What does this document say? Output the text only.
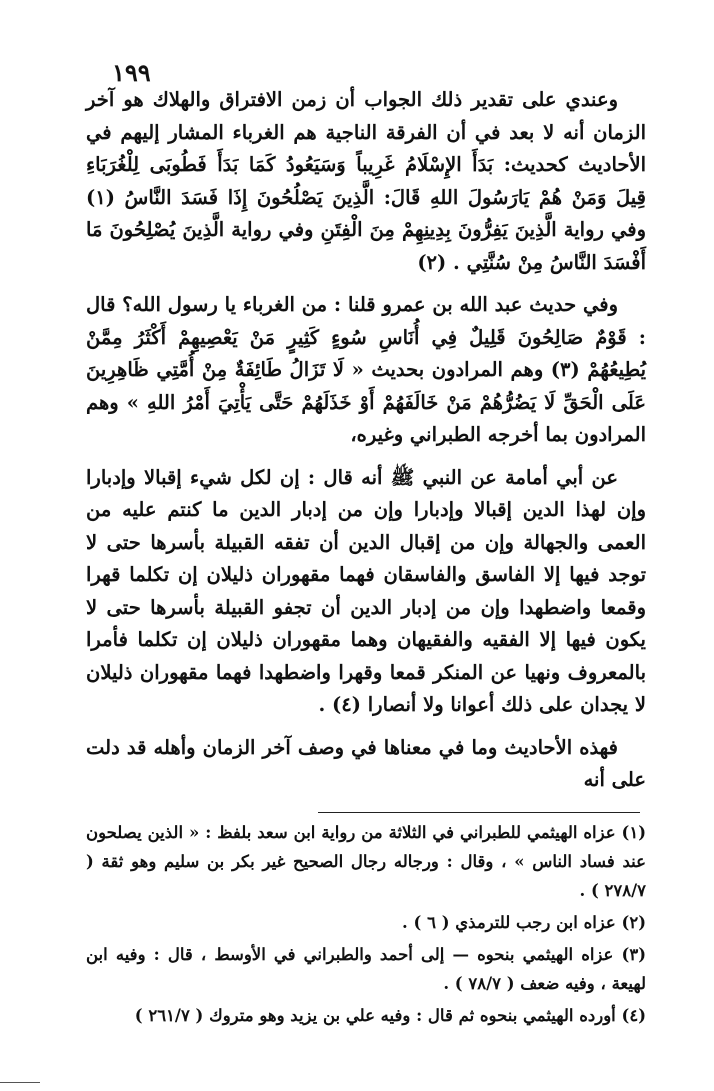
١٩٩

وعندي على تقدير ذلك الجواب أن زمن الافتراق والهلاك هو آخر الزمان أنه لا بعد في أن الفرقة الناجية هم الغرباء المشار إليهم في الأحاديث كحديث: بَدَأَ الإِسْلَامُ غَرِيباً وَسَيَعُودُ كَمَا بَدَأَ فَطُوبَى لِلْغُرَبَاءِ قِيلَ وَمَنْ هُمْ يَارَسُولَ اللهِ قَالَ: الَّذِينَ يَصْلُحُونَ إِذَا فَسَدَ النَّاسُ (١) وفي رواية الَّذِينَ يَفِرُّونَ بِدِينِهِمْ مِنَ الْفِتَنِ وفي رواية الَّذِينَ يُصْلِحُونَ مَا أَفْسَدَ النَّاسُ مِنْ سُنَّتِي . (٢)

وفي حديث عبد الله بن عمرو قلنا : من الغرباء يا رسول الله؟ قال : قَوْمٌ صَالِحُونَ قَلِيلٌ فِي أُنَاسِ سُوءٍ كَثِيرٍ مَنْ يَعْصِيهِمْ أَكْثَرُ مِمَّنْ يُطِيعُهُمْ (٣) وهم المرادون بحديث « لَا تَزَالُ طَائِفَةٌ مِنْ أُمَّتِي ظَاهِرِينَ عَلَى الْحَقِّ لَا يَضُرُّهُمْ مَنْ خَالَفَهُمْ أَوْ خَذَلَهُمْ حَتَّى يَأْتِيَ أَمْرُ اللهِ » وهم المرادون بما أخرجه الطبراني وغيره،

عن أبي أمامة عن النبي ﷺ أنه قال : إن لكل شيء إقبالا وإدبارا وإن لهذا الدين إقبالا وإدبارا وإن من إدبار الدين ما كنتم عليه من العمى والجهالة وإن من إقبال الدين أن تفقه القبيلة بأسرها حتى لا توجد فيها إلا الفاسق والفاسقان فهما مقهوران ذليلان إن تكلما قهرا وقمعا واضطهدا وإن من إدبار الدين أن تجفو القبيلة بأسرها حتى لا يكون فيها إلا الفقيه والفقيهان وهما مقهوران ذليلان إن تكلما فأمرا بالمعروف ونهيا عن المنكر قمعا وقهرا واضطهدا فهما مقهوران ذليلان لا يجدان على ذلك أعوانا ولا أنصارا (٤) .

فهذه الأحاديث وما في معناها في وصف آخر الزمان وأهله قد دلت على أنه

(١) عزاه الهيثمي للطبراني في الثلاثة من رواية ابن سعد بلفظ : « الذين يصلحون عند فساد الناس » ، وقال : ورجاله رجال الصحيح غير بكر بن سليم وهو ثقة ( ٢٧٨/٧ ) .

(٢) عزاه ابن رجب للترمذي ( ٦ ) .

(٣) عزاه الهيثمي بنحوه — إلى أحمد والطبراني في الأوسط ، قال : وفيه ابن لهيعة ، وفيه ضعف ( ٧٨/٧ ) .

(٤) أورده الهيثمي بنحوه ثم قال : وفيه علي بن يزيد وهو متروك ( ٢٦١/٧ )
